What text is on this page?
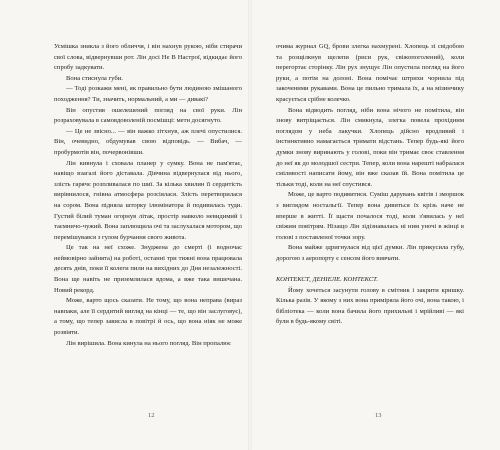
Усмішка зникла з його обличчя, і він нахнув рукою, ніби стирачи свої слова, відвернувши рот. Лін досі Не В Настрої, відкидає його спробу задкувати.

Вона стиснула губи.

— Тоді розкажи мені, як правильно бути людиною змішаного походження? Ти, значить, нормальний, а ми — дивакі?

Він опустив ошелешений погляд на свої руки. Лін розраховувала в самовдоволеній посмішці: метн досягнуто.

— Це не звісно... — він важко зітхнув, аж плечі опустилися. Він, очевидно, обдумував свою відповідь. — Вибач, — пробурмотів він, почервонівши.

Лін кивнула і сховала планер у сумку. Вона не пам'ятає, навіщо взагалі його діставала. Дівчина відвернулася від нього, злість гарячє розпливалася по шиї. За кілька хвилин її сердитість вирівнилося, гнівна атмосфера розсіялася. Злість перетворилася на сором. Вона підняла шторку ілюмінатора й подивилась туди. Густий білий туман огорнув літак, простір навколо невидимий і таємничо-чужий. Вона заплющила очі та заслухалася мотором, що перемішувався з гулом бурчання свого живота.

Це так на неї схоже. Знуджена до смерті (і водночас неймовірно зайнята) на роботі, останні три тижні вона працювала десять днів, поки її колеги пили на вихідних до Дня незалежності. Вона ще навіть не приземлилася вдома, а вже така вишечана. Новий рекорд.

Може, варто щось сказати. Не тому, що вона неправа (вираз навпаки, але її сердитий вигляд на кінці — те, що він заслуговує), а тому, що тепер зависла в повітрі й ось, що вона ніяк не може розвіяти.

Лін вирішила. Вона кинула на нього погляд. Він пропалює

12

очима журнал GQ, брови злегка нахмурені. Хлопець зі свідобою та розщілкнув щелепи (риси рук, свіжопоголений), коли перегортає сторінку. Лін рух знущує Лін опустила погляд на його руки, а потім на долоні. Вона помічає штрихи чорнила під закоченими рукавами. Вона це пильно тримала їх, а на мізинчику красується срібне колечко.

Вона відводить погляд, ніби вона нічого не помітила, він знову витріщається. Лін смикнула, злегка повела прохідним поглядом у неба лакучки. Хлопець дійсно вродливий і інстинктивно намагається тримати відстань. Тепер будь-які його думки знову виринають у голові, поки він тримає своє ставлення до неї як до молодшої сестри. Тепер, коли вона нарешті набралася сміливості написати йому, він вже сказав їй. Вона помітила це тільки тоді, коли на неї спустився.

Може, це варто подивитися. Суміш дарувань квітів і зморшок з виглядом ностальгії. Тепер вона дивиться їх крізь наче не вперше в житті. Її щастя почалося тоді, коли з'явилась у неї свіжим повітрям. Нізащо Лін зідізнавалась ні ним уночі в жінці в голові з поставленої точки зору.

Вона майже здригнулася від цієї думки. Лін прикусила губу, дорогою з аеропорту є сенсом його вивчати.

КОНТЕКСТ, ДЕНІЕЛЕ. КОНТЕКСТ.

Йому хочеться засунути голову в смітник і закрити кришку. Кілька разів. У якому з них вона приміряла його очі, вона такою, і бібліотека — коли вона бачила його прихильні і мрійливі — які були в будь-якому світі.

13
